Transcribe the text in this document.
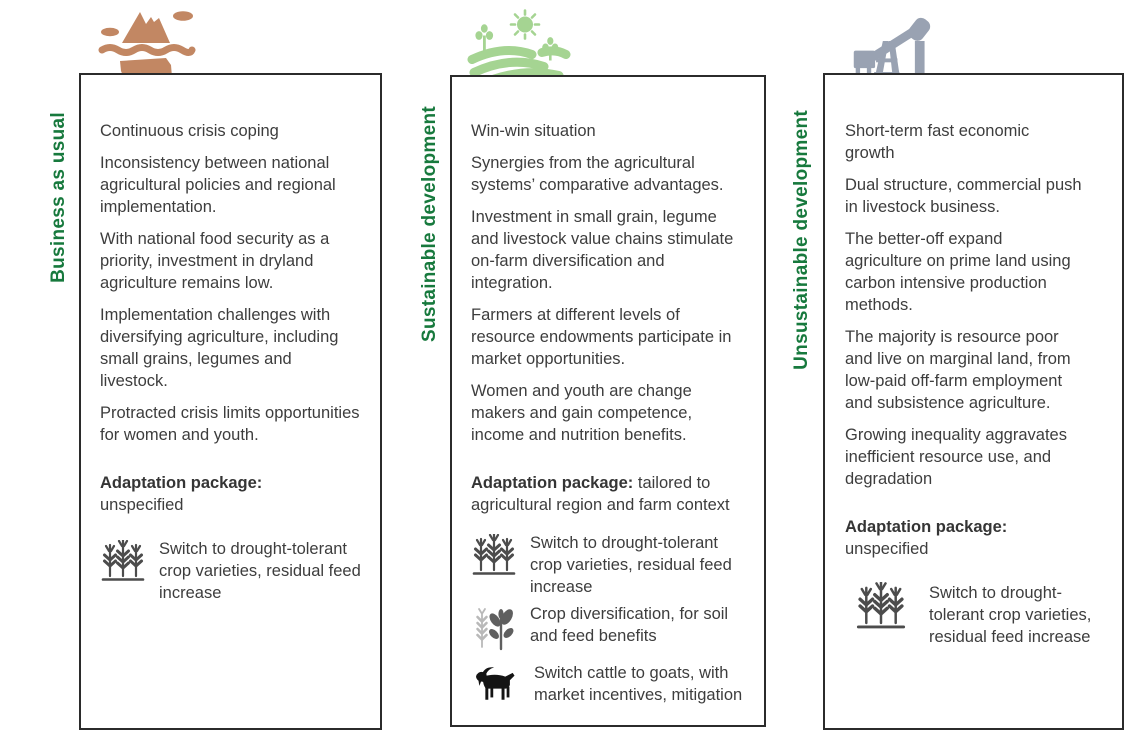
Business as usual	Sustainable development	Unsustainable development

Continuous crisis coping

Inconsistency between national agricultural policies and regional implementation.

With national food security as a priority, investment in dryland agriculture remains low.

Implementation challenges with diversifying agriculture, including small grains, legumes and livestock.

Protracted crisis limits opportunities for women and youth.

Adaptation package:
unspecified
Switch to drought-tolerant crop varieties, residual feed increase

Win-win situation

Synergies from the agricultural systems’ comparative advantages.

Investment in small grain, legume and livestock value chains stimulate on-farm diversification and integration.

Farmers at different levels of resource endowments participate in market opportunities.

Women and youth are change makers and gain competence, income and nutrition benefits.

Adaptation package: tailored to agricultural region and farm context
Switch to drought-tolerant crop varieties, residual feed increase
Crop diversification, for soil and feed benefits
Switch cattle to goats, with market incentives, mitigation

Short-term fast economic growth

Dual structure, commercial push in livestock business.

The better-off expand agriculture on prime land using carbon intensive production methods.

The majority is resource poor and live on marginal land, from low-paid off-farm employment and subsistence agriculture.

Growing inequality aggravates inefficient resource use, and degradation

Adaptation package:
unspecified
Switch to drought-tolerant crop varieties, residual feed increase
